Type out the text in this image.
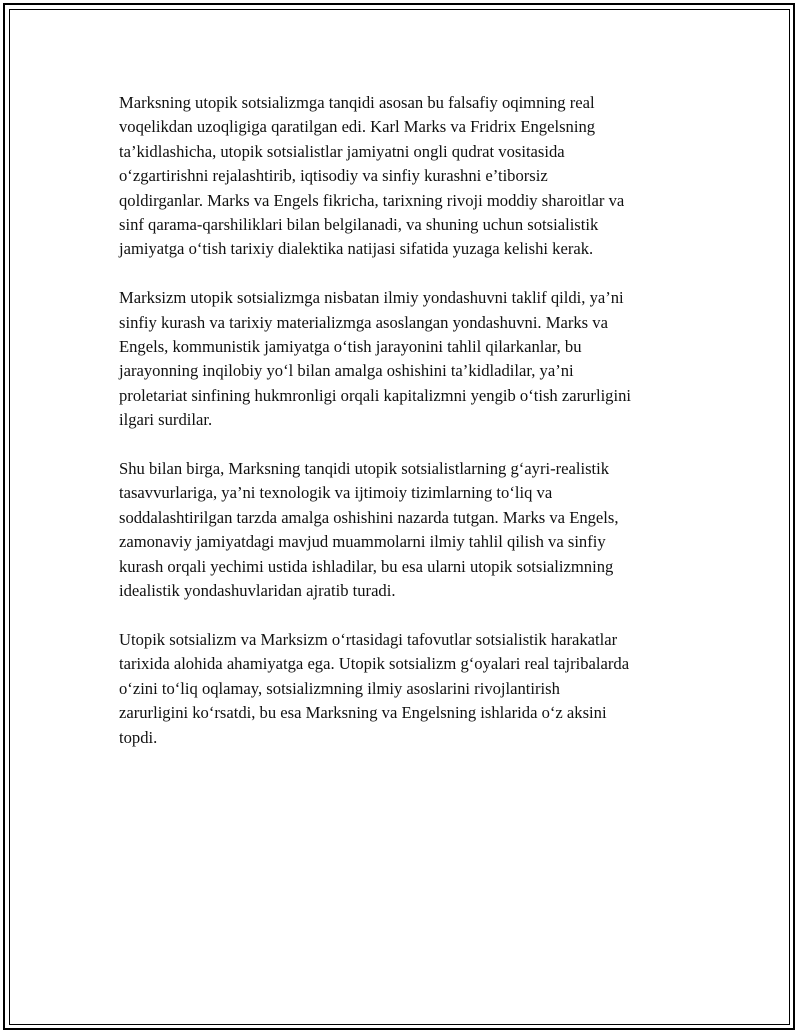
Marksning utopik sotsializmga tanqidi asosan bu falsafiy oqimning real
voqelikdan uzoqligiga qaratilgan edi. Karl Marks va Fridrix Engelsning
ta’kidlashicha, utopik sotsialistlar jamiyatni ongli qudrat vositasida
o‘zgartirishni rejalashtirib, iqtisodiy va sinfiy kurashni e’tiborsiz
qoldirganlar. Marks va Engels fikricha, tarixning rivoji moddiy sharoitlar va
sinf qarama-qarshiliklari bilan belgilanadi, va shuning uchun sotsialistik
jamiyatga o‘tish tarixiy dialektika natijasi sifatida yuzaga kelishi kerak.

Marksizm utopik sotsializmga nisbatan ilmiy yondashuvni taklif qildi, ya’ni
sinfiy kurash va tarixiy materializmga asoslangan yondashuvni. Marks va
Engels, kommunistik jamiyatga o‘tish jarayonini tahlil qilarkanlar, bu
jarayonning inqilobiy yo‘l bilan amalga oshishini ta’kidladilar, ya’ni
proletariat sinfining hukmronligi orqali kapitalizmni yengib o‘tish zarurligini
ilgari surdilar.

Shu bilan birga, Marksning tanqidi utopik sotsialistlarning g‘ayri-realistik
tasavvurlariga, ya’ni texnologik va ijtimoiy tizimlarning to‘liq va
soddalashtirilgan tarzda amalga oshishini nazarda tutgan. Marks va Engels,
zamonaviy jamiyatdagi mavjud muammolarni ilmiy tahlil qilish va sinfiy
kurash orqali yechimi ustida ishladilar, bu esa ularni utopik sotsializmning
idealistik yondashuvlaridan ajratib turadi.

Utopik sotsializm va Marksizm o‘rtasidagi tafovutlar sotsialistik harakatlar
tarixida alohida ahamiyatga ega. Utopik sotsializm g‘oyalari real tajribalarda
o‘zini to‘liq oqlamay, sotsializmning ilmiy asoslarini rivojlantirish
zarurligini ko‘rsatdi, bu esa Marksning va Engelsning ishlarida o‘z aksini
topdi.
